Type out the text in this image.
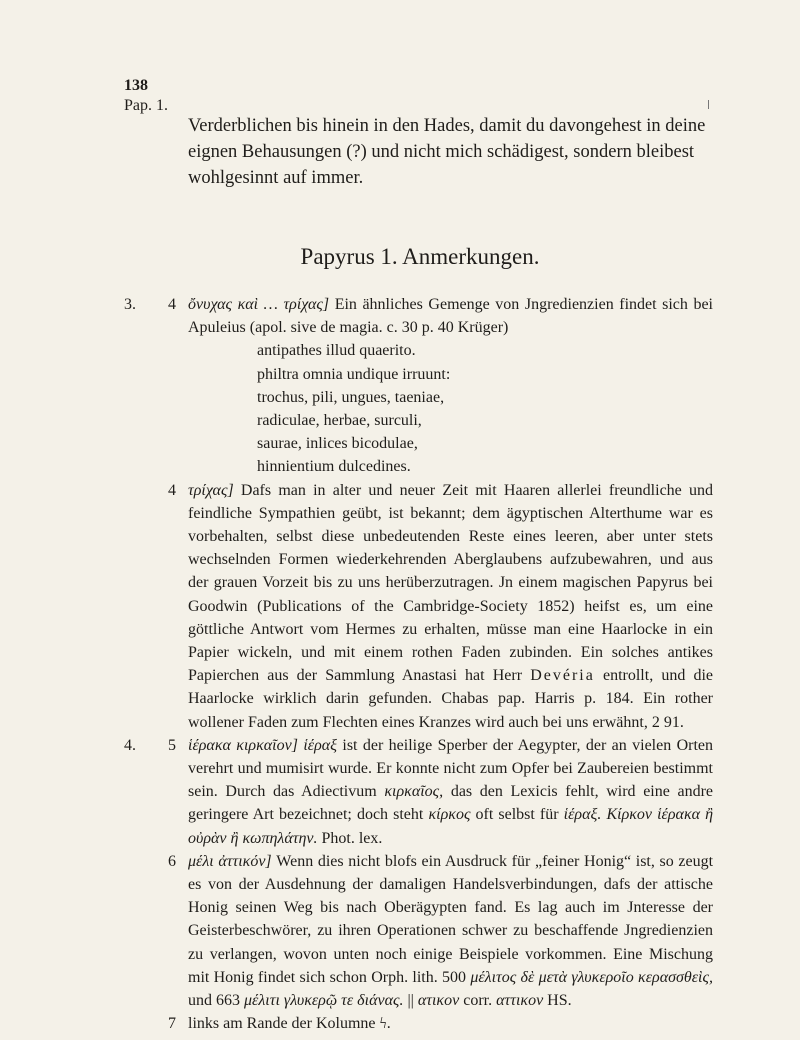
138
Pap. 1.

Verderblichen bis hinein in den Hades, damit du davongehest in deine eignen Behausungen (?) und nicht mich schädigest, sondern bleibest wohlgesinnt auf immer.

Papyrus 1. Anmerkungen.
3. 4 ὄνυχας καὶ … τρίχας] Ein ähnliches Gemenge von Jngredienzien findet sich bei Apuleius (apol. sive de magia. c. 30 p. 40 Krüger)

antipathes illud quaerito.
philtra omnia undique irruunt:
trochus, pili, ungues, taeniae,
radiculae, herbae, surculi,
saurae, inlices bicodulae,
hinnientium dulcedines.
4 τρίχας] Dafs man in alter und neuer Zeit mit Haaren allerlei freundliche und feindliche Sympathien geübt, ist bekannt; dem ägyptischen Alterthume war es vorbehalten, selbst diese unbedeutenden Reste eines leeren, aber unter stets wechselnden Formen wiederkehrenden Aberglaubens aufzubewahren, und aus der grauen Vorzeit bis zu uns herüberzutragen. Jn einem magischen Papyrus bei Goodwin (Publications of the Cambridge-Society 1852) heifst es, um eine göttliche Antwort vom Hermes zu erhalten, müsse man eine Haarlocke in ein Papier wickeln, und mit einem rothen Faden zubinden. Ein solches antikes Papierchen aus der Sammlung Anastasi hat Herr Devéria entrollt, und die Haarlocke wirklich darin gefunden. Chabas pap. Harris p. 184. Ein rother wollener Faden zum Flechten eines Kranzes wird auch bei uns erwähnt, 2 91.

4. 5 ἱέρακα κιρκαῖον] ἱέραξ ist der heilige Sperber der Aegypter, der an vielen Orten verehrt und mumisirt wurde. Er konnte nicht zum Opfer bei Zaubereien bestimmt sein. Durch das Adiectivum κιρκαῖος, das den Lexicis fehlt, wird eine andre geringere Art bezeichnet; doch steht κίρκος oft selbst für ἱέραξ. Κίρκον ἱέρακα ἢ οὐρὰν ἢ κωπηλάτην. Phot. lex.

6 μέλι ἀττικόν] Wenn dies nicht blofs ein Ausdruck für „feiner Honig“ ist, so zeugt es von der Ausdehnung der damaligen Handelsverbindungen, dafs der attische Honig seinen Weg bis nach Oberägypten fand. Es lag auch im Jnteresse der Geisterbeschwörer, zu ihren Operationen schwer zu beschaffende Jngredienzien zu verlangen, wovon unten noch einige Beispiele vorkommen. Eine Mischung mit Honig findet sich schon Orph. lith. 500 μέλιτος δὲ μετὰ γλυκεροῖο κερασσθεὶς, und 663 μέλιτι γλυκερῷ τε διάνας. || ατικον corr. αττικον HS.

7 links am Rande der Kolumne ϟ.
